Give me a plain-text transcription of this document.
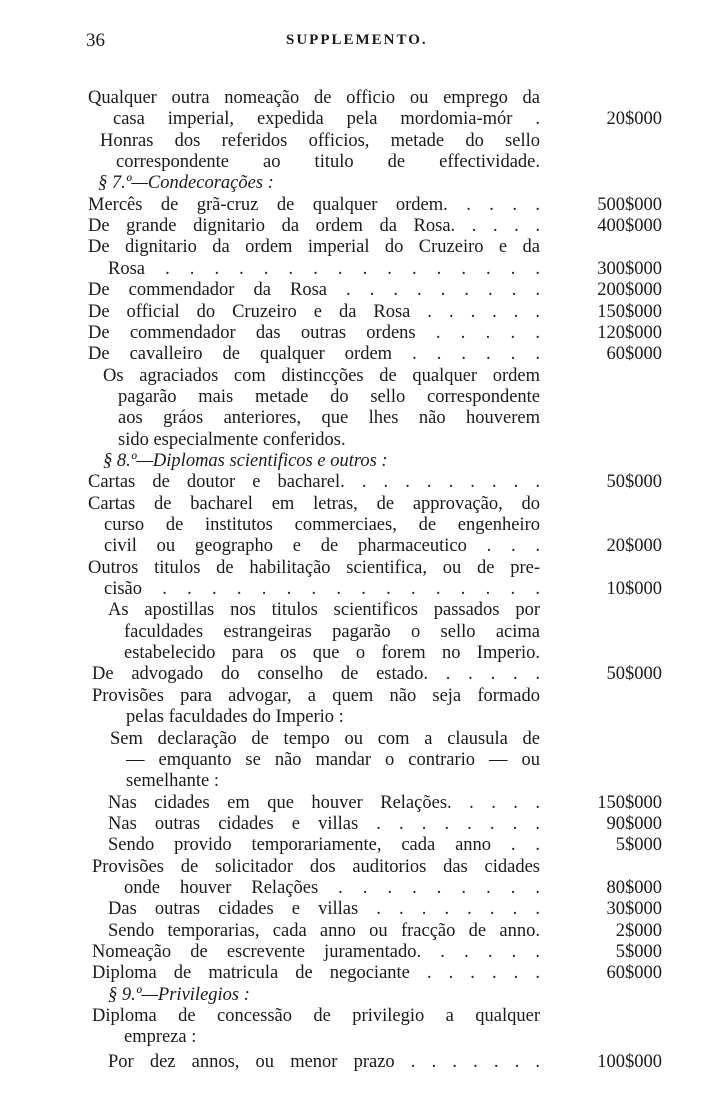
36	SUPPLEMENTO.
Qualquer outra nomeação de officio ou emprego da
casa imperial, expedida pela mordomia-mór .	20$000
Honras dos referidos officios, metade do sello
correspondente ao titulo de effectividade.
§ 7.º—Condecorações :
Mercês de grã-cruz de qualquer ordem. . . . .	500$000
De grande dignitario da ordem da Rosa. . . . .	400$000
De dignitario da ordem imperial do Cruzeiro e da
Rosa . . . . . . . . . . . . . . . .	300$000
De commendador da Rosa . . . . . . . . .	200$000
De official do Cruzeiro e da Rosa . . . . . .	150$000
De commendador das outras ordens . . . . .	120$000
De cavalleiro de qualquer ordem . . . . . .	60$000
Os agraciados com distincções de qualquer ordem
pagarão mais metade do sello correspondente
aos gráos anteriores, que lhes não houverem
sido especialmente conferidos.
§ 8.º—Diplomas scientificos e outros :
Cartas de doutor e bacharel. . . . . . . . . .	50$000
Cartas de bacharel em letras, de approvação, do
curso de institutos commerciaes, de engenheiro
civil ou geographo e de pharmaceutico . . .	20$000
Outros titulos de habilitação scientifica, ou de pre-
cisão . . . . . . . . . . . . . . . .	10$000
As apostillas nos titulos scientificos passados por
faculdades estrangeiras pagarão o sello acima
estabelecido para os que o forem no Imperio.
De advogado do conselho de estado. . . . . .	50$000
Provisões para advogar, a quem não seja formado
pelas faculdades do Imperio :
Sem declaração de tempo ou com a clausula de
— emquanto se não mandar o contrario — ou
semelhante :
Nas cidades em que houver Relações. . . . .	150$000
Nas outras cidades e villas . . . . . . . .	90$000
Sendo provido temporariamente, cada anno . .	5$000
Provisões de solicitador dos auditorios das cidades
onde houver Relações . . . . . . . . .	80$000
Das outras cidades e villas . . . . . . . .	30$000
Sendo temporarias, cada anno ou fracção de anno.	2$000
Nomeação de escrevente juramentado. . . . . .	5$000
Diploma de matricula de negociante . . . . . .	60$000
§ 9.º—Privilegios :
Diploma de concessão de privilegio a qualquer
empreza :
Por dez annos, ou menor prazo . . . . . . .	100$000
